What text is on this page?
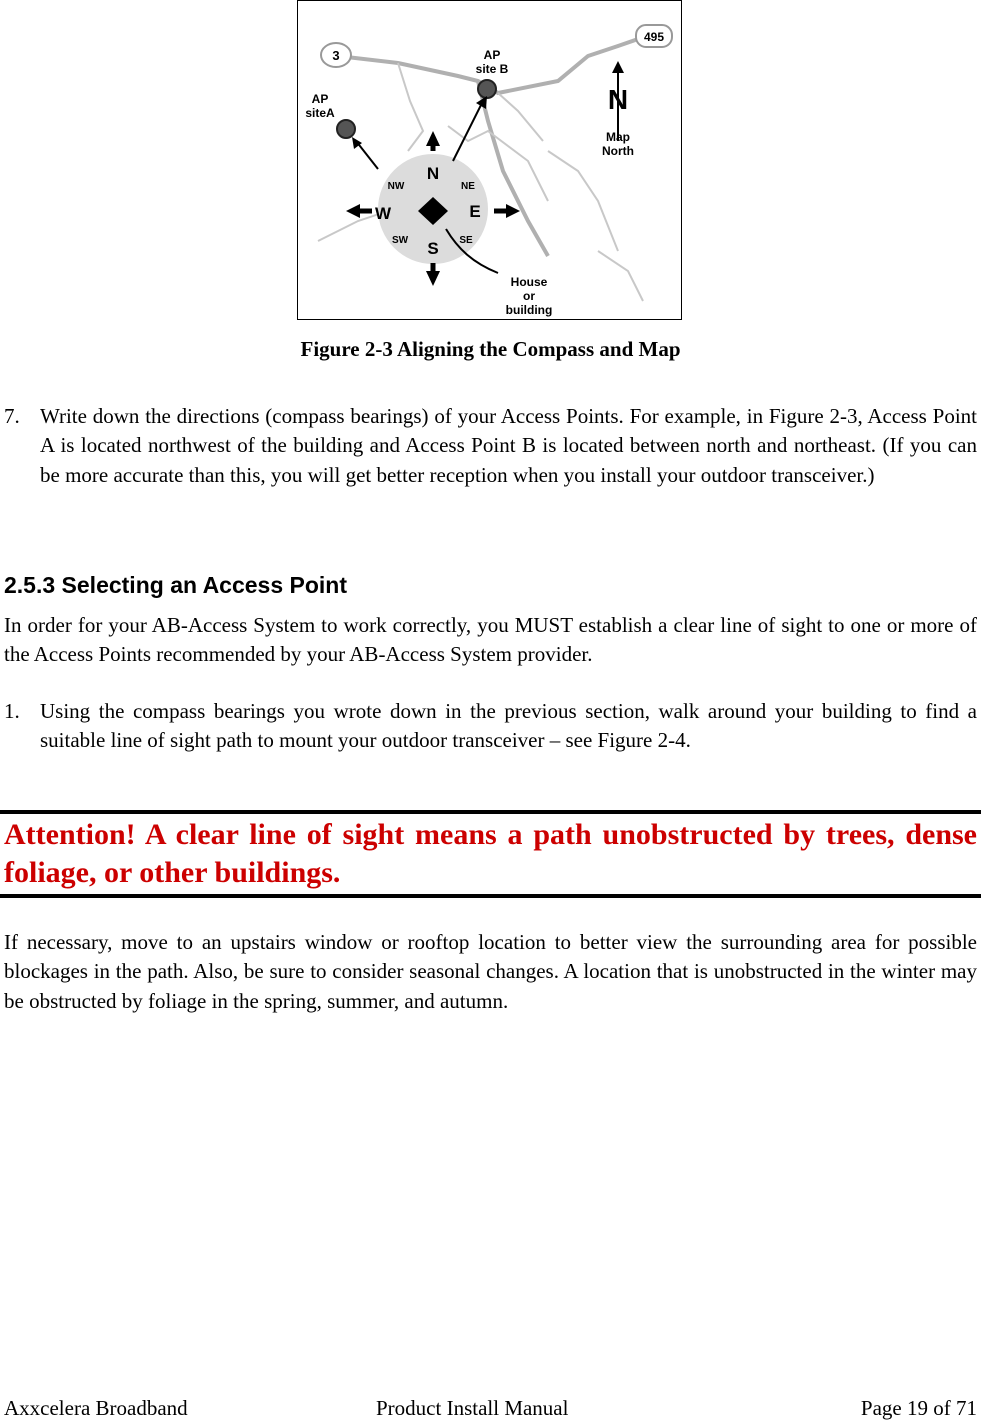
3
495
AP
site B
AP
siteA	N
Map
North
N
S
E
W
NW	NE
SW	SE
House
or
building
Figure 2-3 Aligning the Compass and Map
7. Write down the directions (compass bearings) of your Access Points. For example, in Figure 2-3, Access Point A is located northwest of the building and Access Point B is located between north and northeast. (If you can be more accurate than this, you will get better reception when you install your outdoor transceiver.)
2.5.3 Selecting an Access Point
In order for your AB-Access System to work correctly, you MUST establish a clear line of sight to one or more of the Access Points recommended by your AB-Access System provider.
1. Using the compass bearings you wrote down in the previous section, walk around your building to find a suitable line of sight path to mount your outdoor transceiver – see Figure 2-4.
Attention! A clear line of sight means a path unobstructed by trees, dense foliage, or other buildings.
If necessary, move to an upstairs window or rooftop location to better view the surrounding area for possible blockages in the path. Also, be sure to consider seasonal changes. A location that is unobstructed in the winter may be obstructed by foliage in the spring, summer, and autumn.
Axxcelera Broadband	Product Install Manual	Page 19 of 71
